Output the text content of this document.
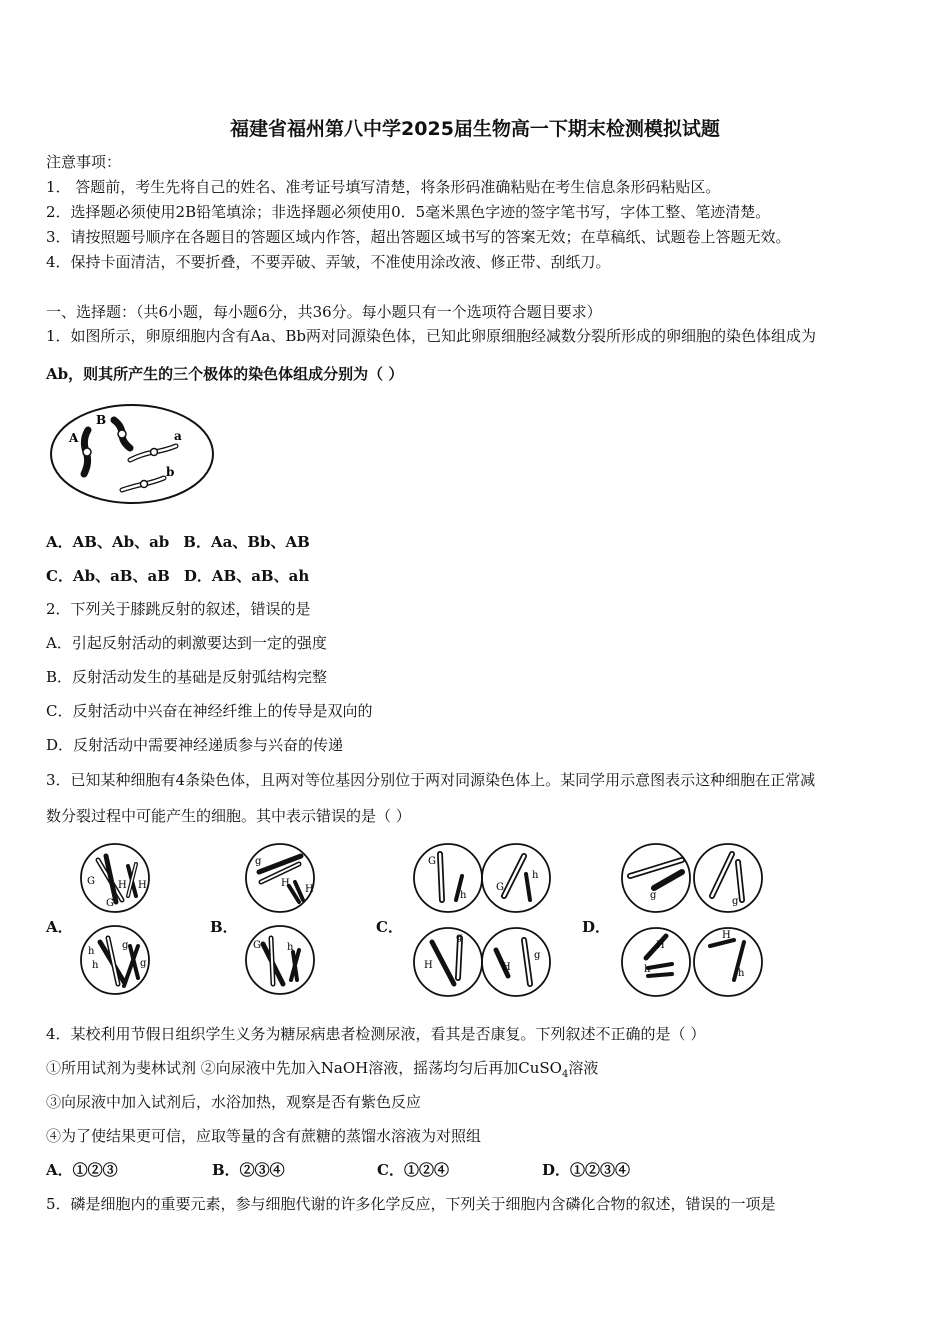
福建省福州第八中学2025届生物高一下期末检测模拟试题
注意事项：
1． 答题前，考生先将自己的姓名、准考证号填写清楚，将条形码准确粘贴在考生信息条形码粘贴区。
2．选择题必须使用2B铅笔填涂；非选择题必须使用0．5毫米黑色字迹的签字笔书写，字体工整、笔迹清楚。
3．请按照题号顺序在各题目的答题区域内作答，超出答题区域书写的答案无效；在草稿纸、试题卷上答题无效。
4．保持卡面清洁，不要折叠，不要弄破、弄皱，不准使用涂改液、修正带、刮纸刀。
一、选择题：（共6小题，每小题6分，共36分。每小题只有一个选项符合题目要求）
1．如图所示，卵原细胞内含有Aa、Bb两对同源染色体，已知此卵原细胞经减数分裂所形成的卵细胞的染色体组成为
Ab，则其所产生的三个极体的染色体组成分别为（ ）
A
B
a
b
A．AB、Ab、ab B．Aa、Bb、AB
C．Ab、aB、aB D．AB、aB、ah
2．下列关于膝跳反射的叙述，错误的是
A．引起反射活动的刺激要达到一定的强度
B．反射活动发生的基础是反射弧结构完整
C．反射活动中兴奋在神经纤维上的传导是双向的
D．反射活动中需要神经递质参与兴奋的传递
3．已知某种细胞有4条染色体，且两对等位基因分别位于两对同源染色体上。某同学用示意图表示这种细胞在正常减
数分裂过程中可能产生的细胞。其中表示错误的是（ ）
A．	B．	C．	D．
G
G
H H
h
h
g
g
g
H
H
G	h
G
h
G
h
H
g
H
g
g
g
H
h
H
h
4．某校利用节假日组织学生义务为糖尿病患者检测尿液，看其是否康复。下列叙述不正确的是（ ）
①所用试剂为斐林试剂 ②向尿液中先加入NaOH溶液，摇荡均匀后再加CuSO$_4$溶液
③向尿液中加入试剂后，水浴加热，观察是否有紫色反应
④为了使结果更可信，应取等量的含有蔗糖的蒸馏水溶液为对照组
A．①②③	B．②③④	C．①②④	D．①②③④
5．磷是细胞内的重要元素，参与细胞代谢的许多化学反应，下列关于细胞内含磷化合物的叙述，错误的一项是
